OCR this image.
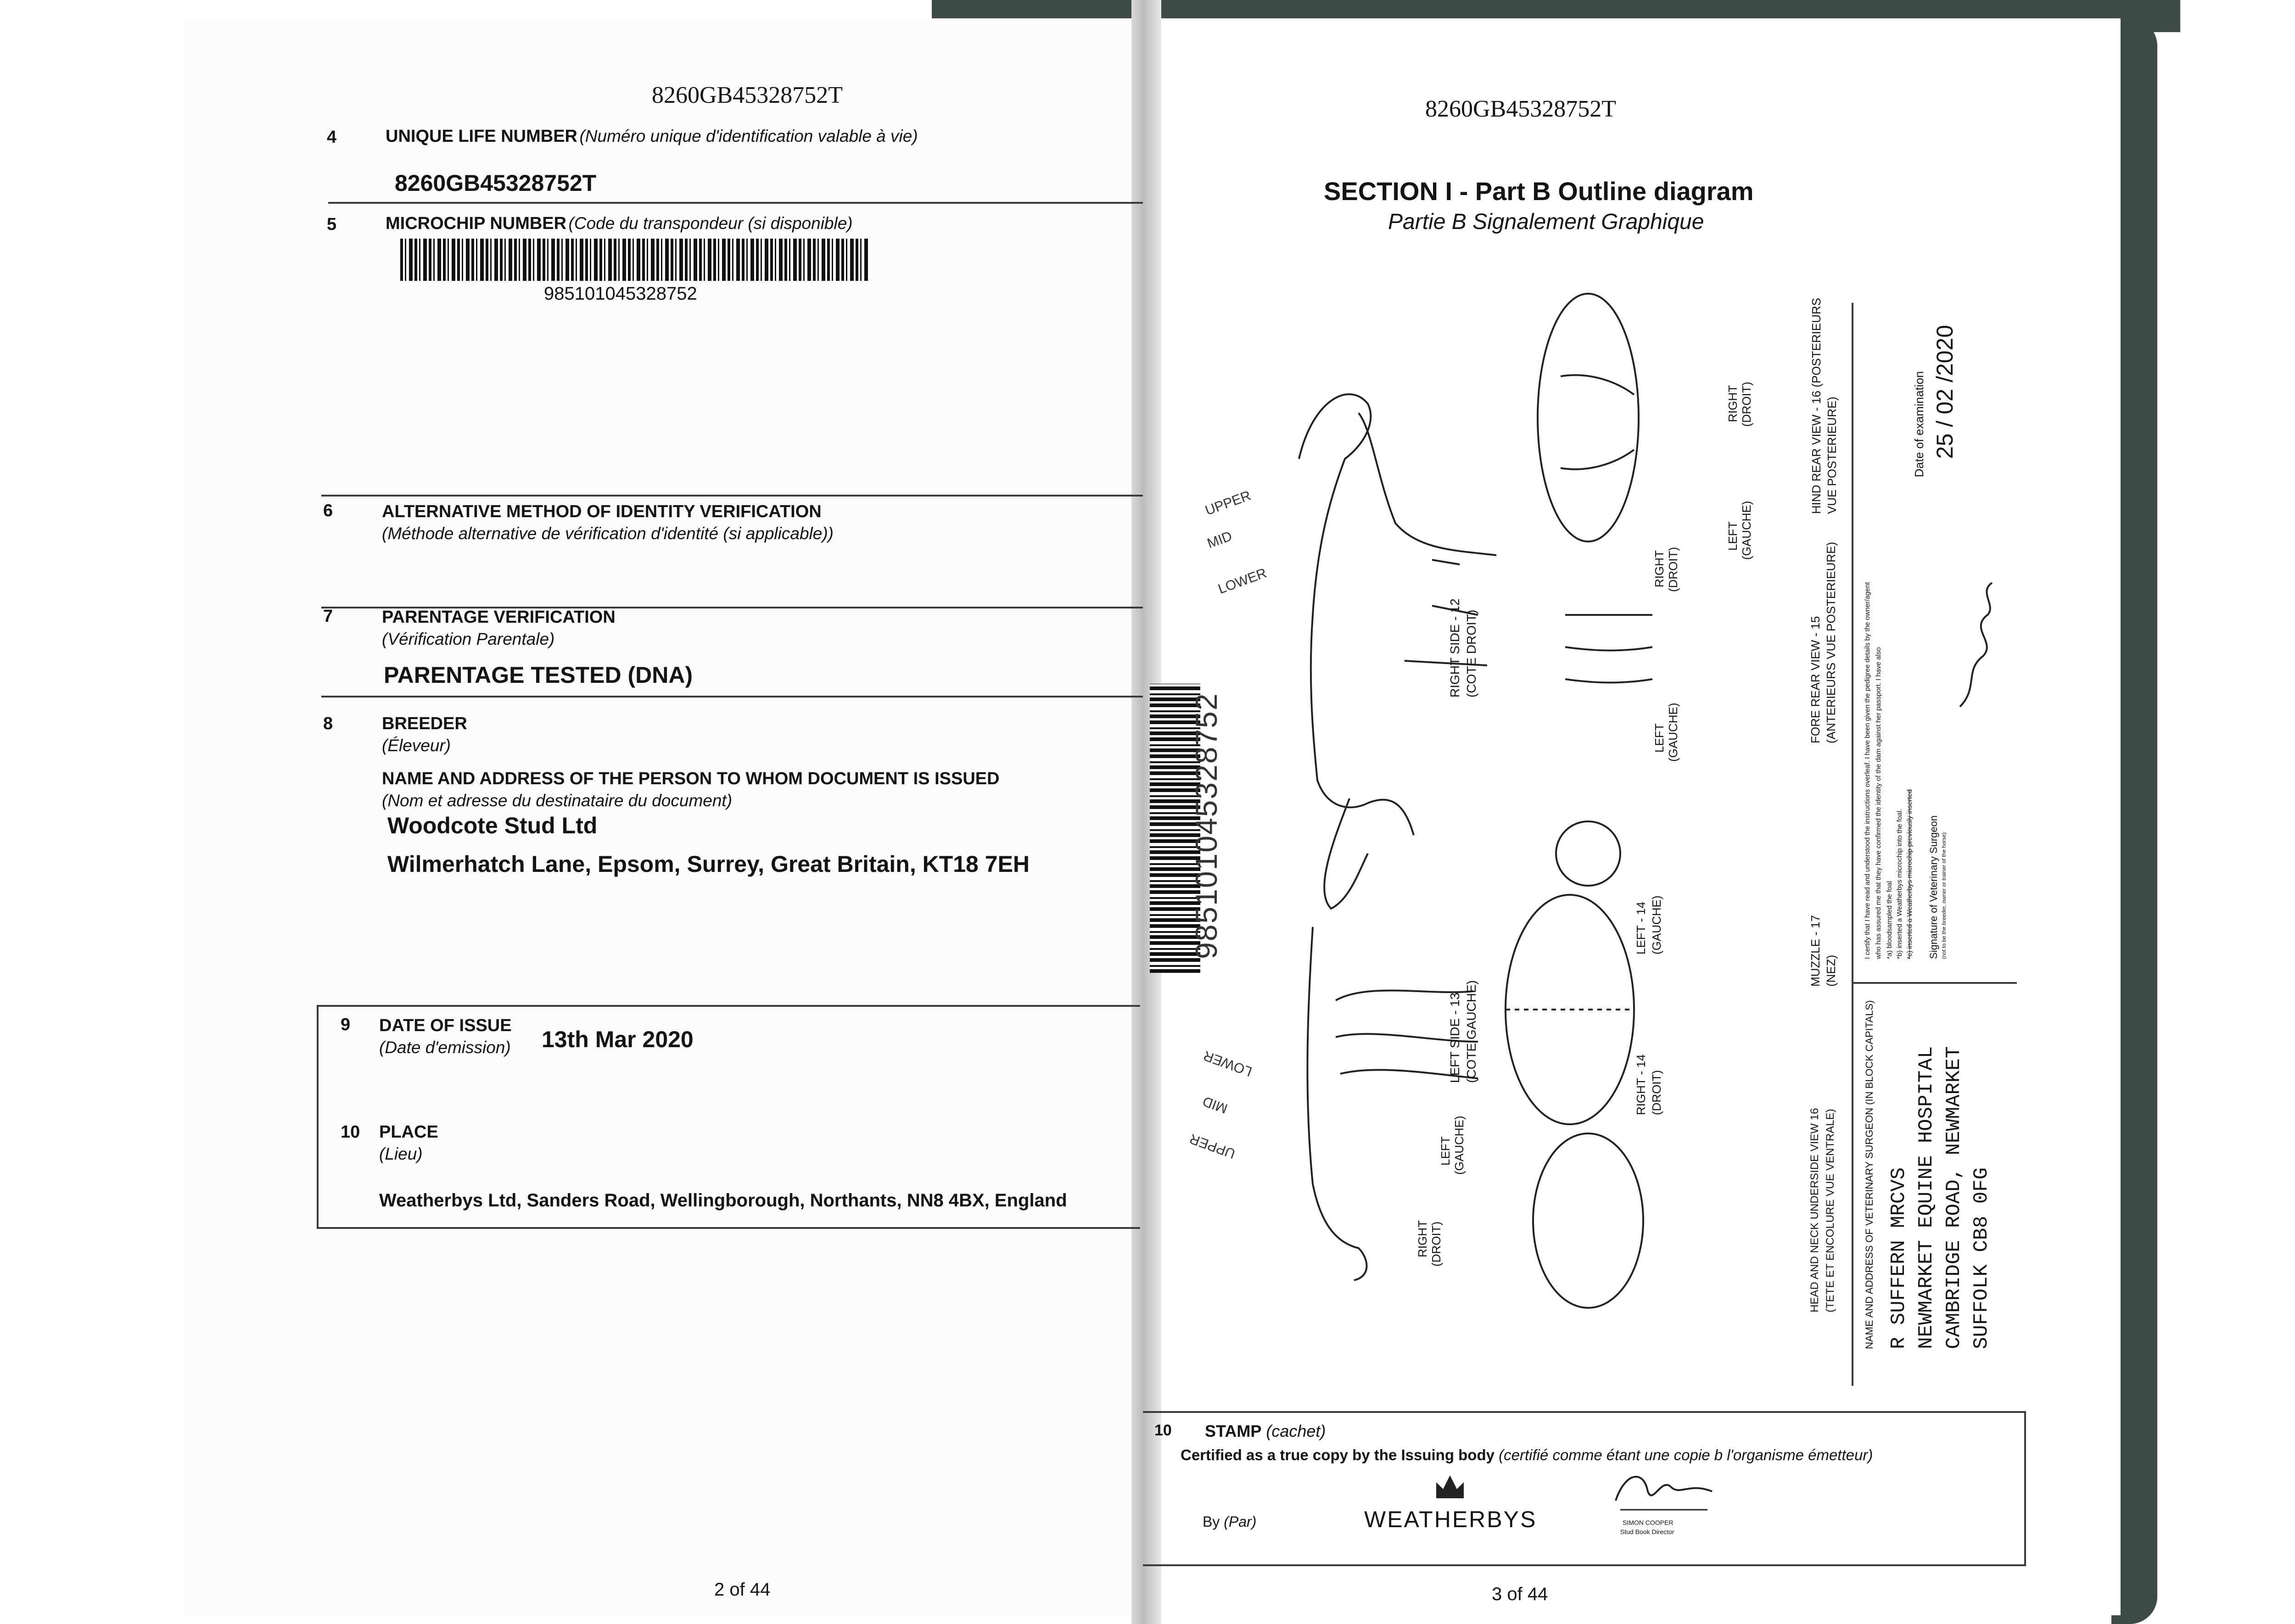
8260GB45328752T
4	UNIQUE LIFE NUMBER (Numéro unique d'identification valable à vie)
8260GB45328752T
5	MICROCHIP NUMBER (Code du transpondeur (si disponible)
985101045328752
6	ALTERNATIVE METHOD OF IDENTITY VERIFICATION
(Méthode alternative de vérification d'identité (si applicable))
7	PARENTAGE VERIFICATION
(Vérification Parentale)
PARENTAGE TESTED (DNA)
8	BREEDER
(Éleveur)
NAME AND ADDRESS OF THE PERSON TO WHOM DOCUMENT IS ISSUED
(Nom et adresse du destinataire du document)
Woodcote Stud Ltd
Wilmerhatch Lane, Epsom, Surrey, Great Britain, KT18 7EH
9 DATE OF ISSUE
(Date d'emission) 13th Mar 2020
10 PLACE
(Lieu)
Weatherbys Ltd, Sanders Road, Wellingborough, Northants, NN8 4BX, England
2 of 44
8260GB45328752T
SECTION I - Part B Outline diagram
Partie B Signalement Graphique
985101045328752
RIGHT SIDE - 12 (COTE DROIT)
LEFT SIDE - 13 (COTE GAUCHE)
LEFT - 14 (GAUCHE)
RIGHT - 14 (DROIT)
FORE REAR VIEW - 15 (ANTERIEURS VUE POSTERIEURE)
HIND REAR VIEW - 16 (POSTERIEURS VUE POSTERIEURE)
MUZZLE - 17 (NEZ)
HEAD AND NECK UNDERSIDE VIEW 16 (TETE ET ENCOLURE VUE VENTRALE)
RIGHT (DROIT)
RIGHT (DROIT)
LEFT (GAUCHE)
LEFT (GAUCHE)
LEFT (GAUCHE)
RIGHT (DROIT)
UPPER
MID
LOWER
LOWER
MID
UPPER	NAME AND ADDRESS OF VETERINARY SURGEON (IN BLOCK CAPITALS) R SUFFERN MRCVS NEWMARKET EQUINE HOSPITAL CAMBRIDGE ROAD, NEWMARKET SUFFOLK CB8 0FG
I certify that I have read and understood the instructions overleaf. I have been given the pedigree details by the owner/agent who has assured me that they have confirmed the identity of the dam against her passport. I have also *a) bloodsampled the foal *b) inserted a Weatherbys microchip into the foal. *c) inserted a Weatherbys microchip previously inserted Signature of Veterinary Surgeon (not to be the breeder, owner or trainer of the horse)
Date of examination 25 / 02 /2020
10 STAMP (cachet)
Certified as a true copy by the Issuing body (certifié comme étant une copie b l'organisme émetteur)
By (Par)	WEATHERBYS	SIMON COOPER
Stud Book Director
3 of 44
